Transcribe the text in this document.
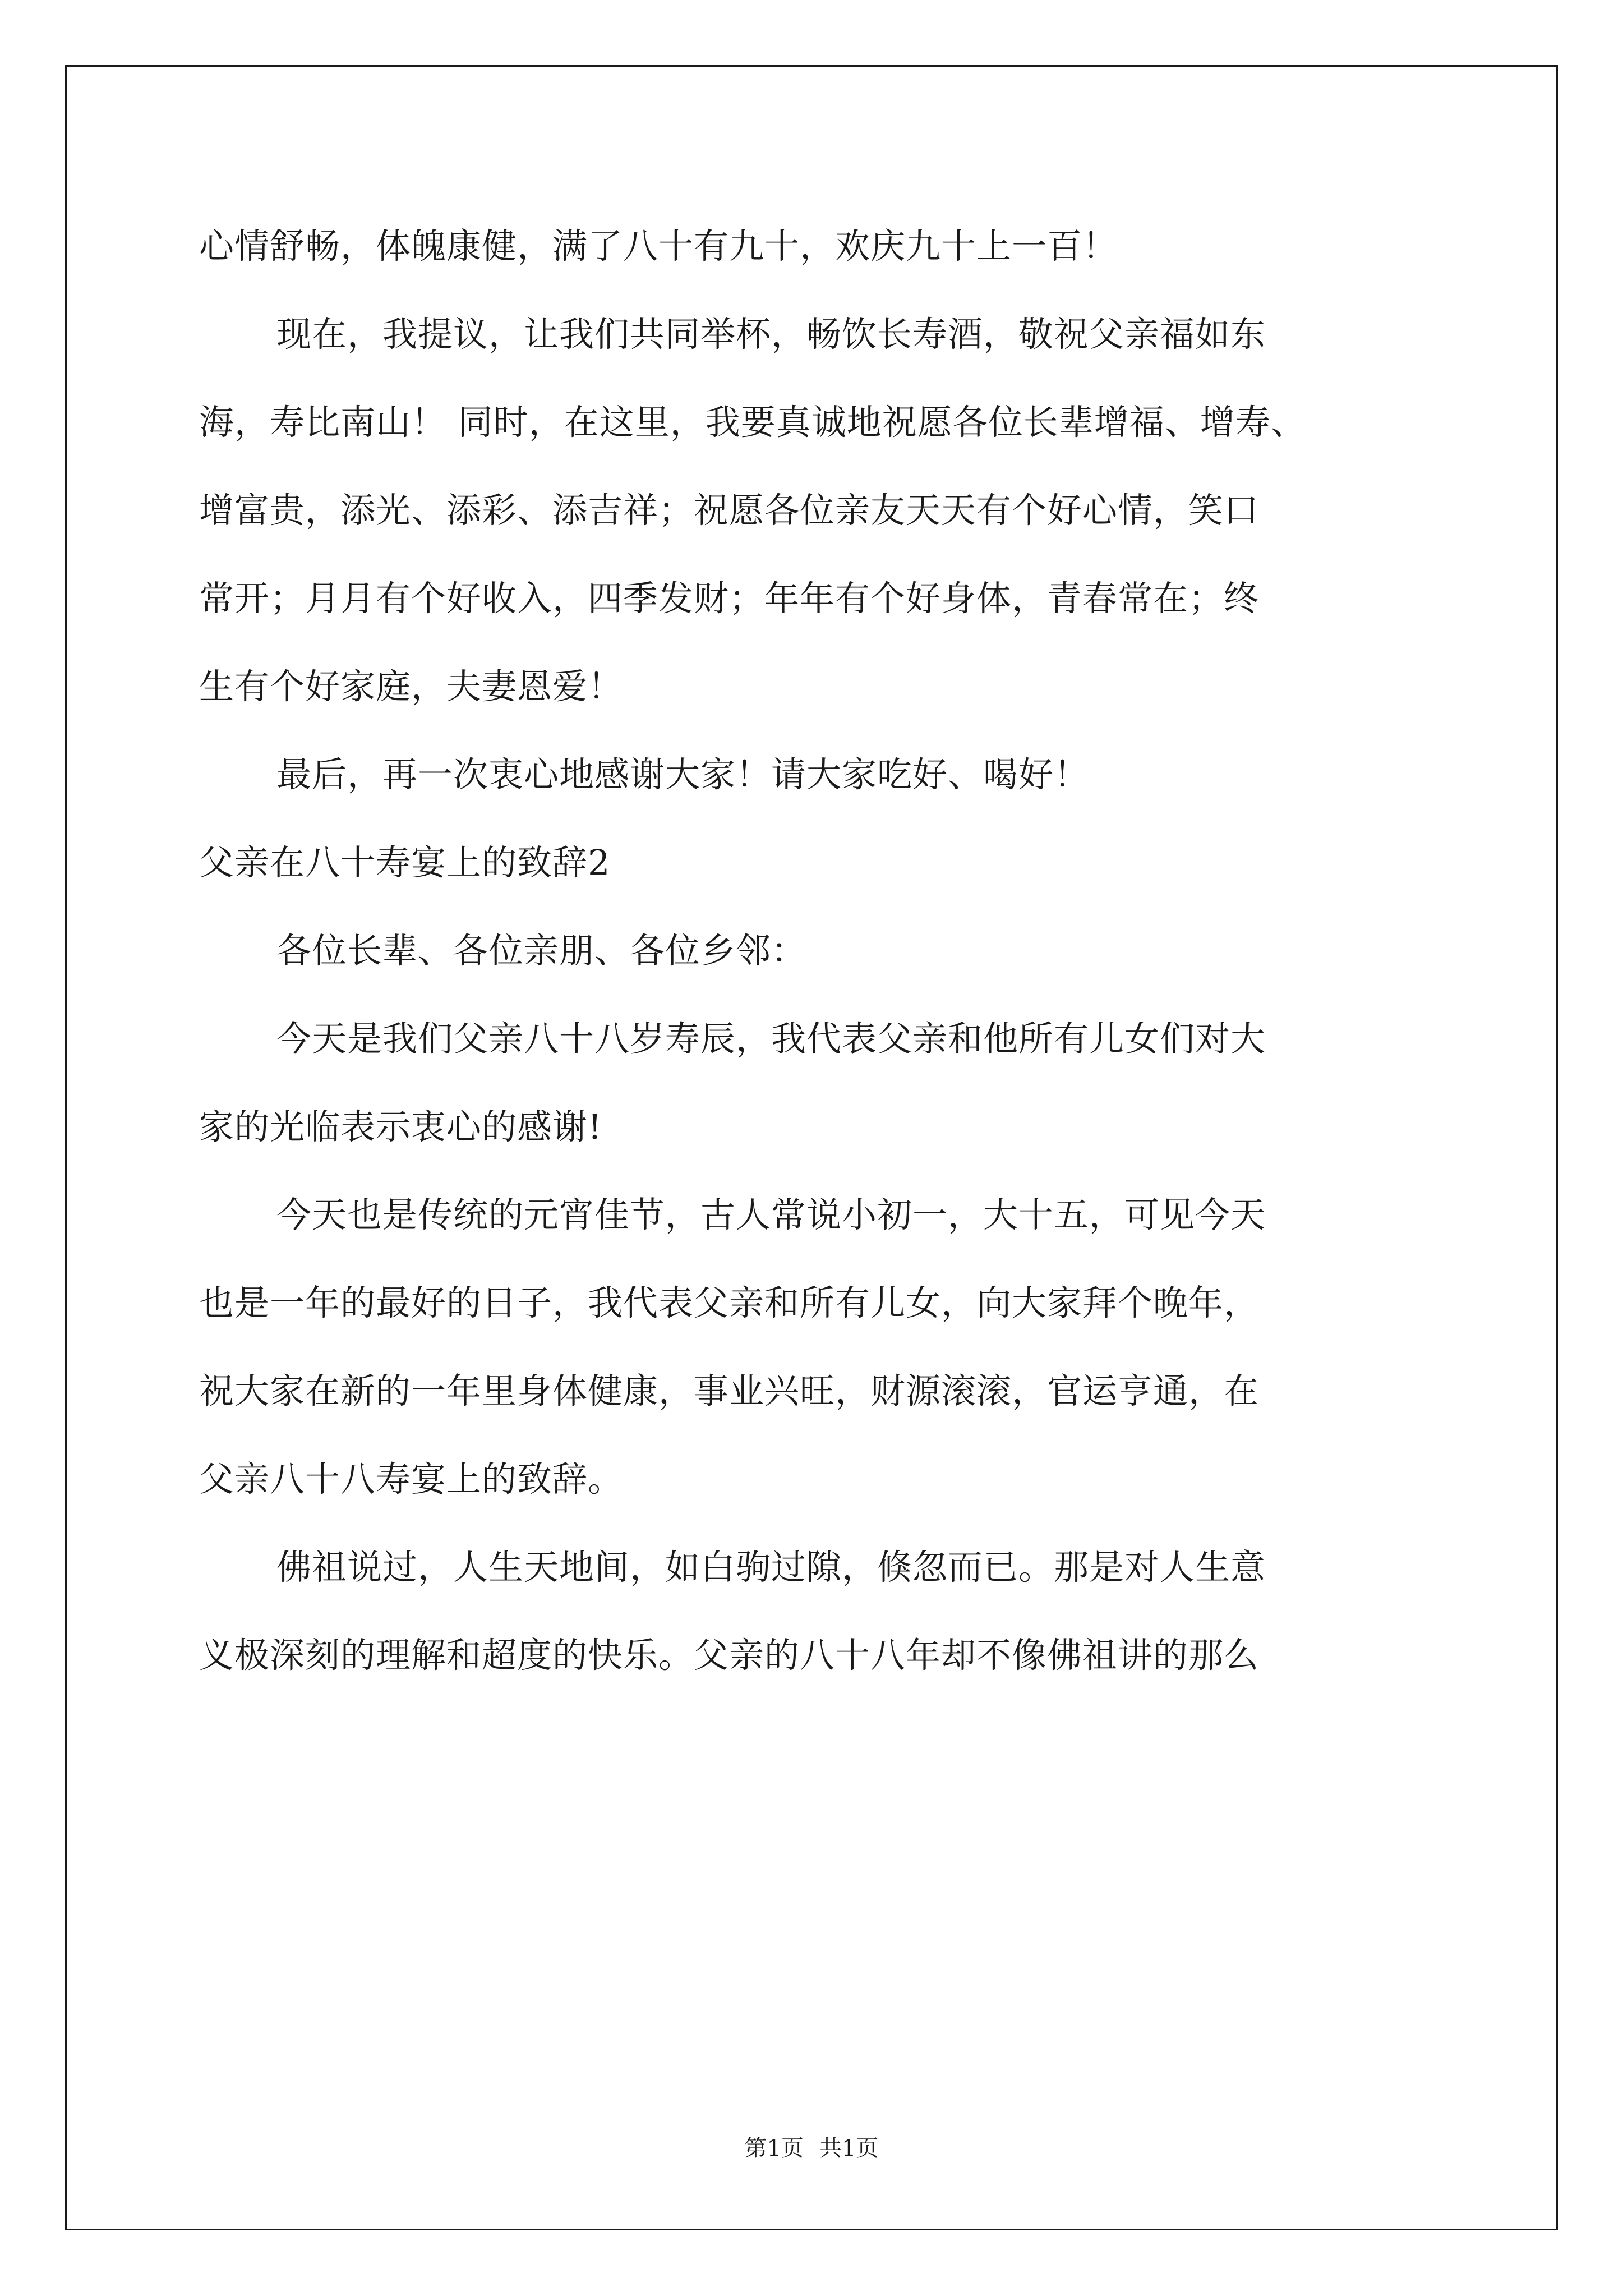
心情舒畅，体魄康健，满了八十有九十，欢庆九十上一百！
现在，我提议，让我们共同举杯，畅饮长寿酒，敬祝父亲福如东
海，寿比南山！ 同时，在这里，我要真诚地祝愿各位长辈增福、增寿、
增富贵，添光、添彩、添吉祥；祝愿各位亲友天天有个好心情，笑口
常开；月月有个好收入，四季发财；年年有个好身体，青春常在；终
生有个好家庭，夫妻恩爱！
最后，再一次衷心地感谢大家！请大家吃好、喝好！
父亲在八十寿宴上的致辞2
各位长辈、各位亲朋、各位乡邻：
今天是我们父亲八十八岁寿辰，我代表父亲和他所有儿女们对大
家的光临表示衷心的感谢!
今天也是传统的元宵佳节，古人常说小初一，大十五，可见今天
也是一年的最好的日子，我代表父亲和所有儿女，向大家拜个晚年，
祝大家在新的一年里身体健康，事业兴旺，财源滚滚，官运亨通，在
父亲八十八寿宴上的致辞。
佛祖说过，人生天地间，如白驹过隙，倏忽而已。那是对人生意
义极深刻的理解和超度的快乐。父亲的八十八年却不像佛祖讲的那么
第1页 共1页
